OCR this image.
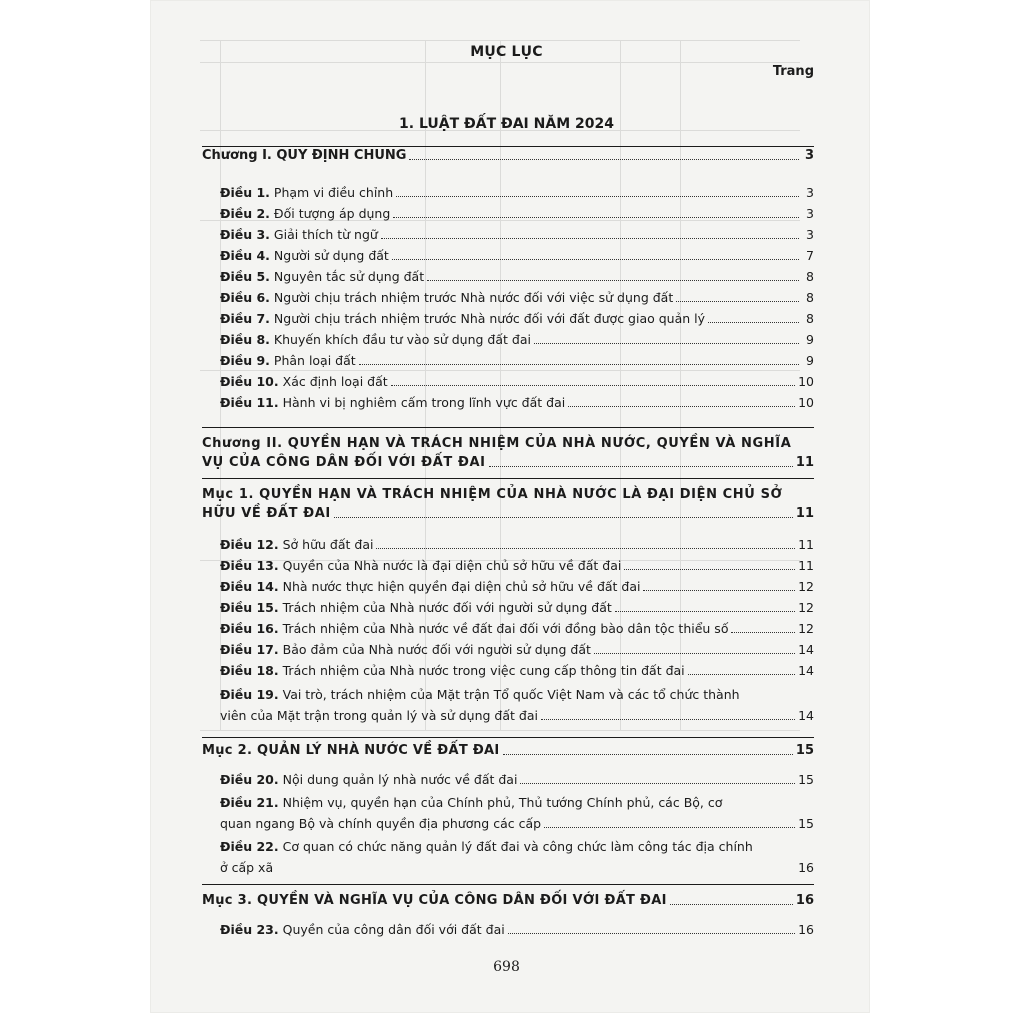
MỤC LỤC
Trang
1. LUẬT ĐẤT ĐAI NĂM 2024
Chương I. QUY ĐỊNH CHUNG	3
Điều 1. Phạm vi điều chỉnh	3
Điều 2. Đối tượng áp dụng	3
Điều 3. Giải thích từ ngữ	3
Điều 4. Người sử dụng đất	7
Điều 5. Nguyên tắc sử dụng đất	8
Điều 6. Người chịu trách nhiệm trước Nhà nước đối với việc sử dụng đất	8
Điều 7. Người chịu trách nhiệm trước Nhà nước đối với đất được giao quản lý	8
Điều 8. Khuyến khích đầu tư vào sử dụng đất đai	9
Điều 9. Phân loại đất	9
Điều 10. Xác định loại đất	10
Điều 11. Hành vi bị nghiêm cấm trong lĩnh vực đất đai	10
Chương II. QUYỀN HẠN VÀ TRÁCH NHIỆM CỦA NHÀ NƯỚC, QUYỀN VÀ NGHĨA
VỤ CỦA CÔNG DÂN ĐỐI VỚI ĐẤT ĐAI	11
Mục 1. QUYỀN HẠN VÀ TRÁCH NHIỆM CỦA NHÀ NƯỚC LÀ ĐẠI DIỆN CHỦ SỞ
HỮU VỀ ĐẤT ĐAI	11
Điều 12. Sở hữu đất đai	11
Điều 13. Quyền của Nhà nước là đại diện chủ sở hữu về đất đai	11
Điều 14. Nhà nước thực hiện quyền đại diện chủ sở hữu về đất đai	12
Điều 15. Trách nhiệm của Nhà nước đối với người sử dụng đất	12
Điều 16. Trách nhiệm của Nhà nước về đất đai đối với đồng bào dân tộc thiểu số	12
Điều 17. Bảo đảm của Nhà nước đối với người sử dụng đất	14
Điều 18. Trách nhiệm của Nhà nước trong việc cung cấp thông tin đất đai	14
Điều 19. Vai trò, trách nhiệm của Mặt trận Tổ quốc Việt Nam và các tổ chức thành
viên của Mặt trận trong quản lý và sử dụng đất đai	14
Mục 2. QUẢN LÝ NHÀ NƯỚC VỀ ĐẤT ĐAI	15
Điều 20. Nội dung quản lý nhà nước về đất đai	15
Điều 21. Nhiệm vụ, quyền hạn của Chính phủ, Thủ tướng Chính phủ, các Bộ, cơ
quan ngang Bộ và chính quyền địa phương các cấp	15
Điều 22. Cơ quan có chức năng quản lý đất đai và công chức làm công tác địa chính
ở cấp xã	16
Mục 3. QUYỀN VÀ NGHĨA VỤ CỦA CÔNG DÂN ĐỐI VỚI ĐẤT ĐAI	16
Điều 23. Quyền của công dân đối với đất đai	16
698
